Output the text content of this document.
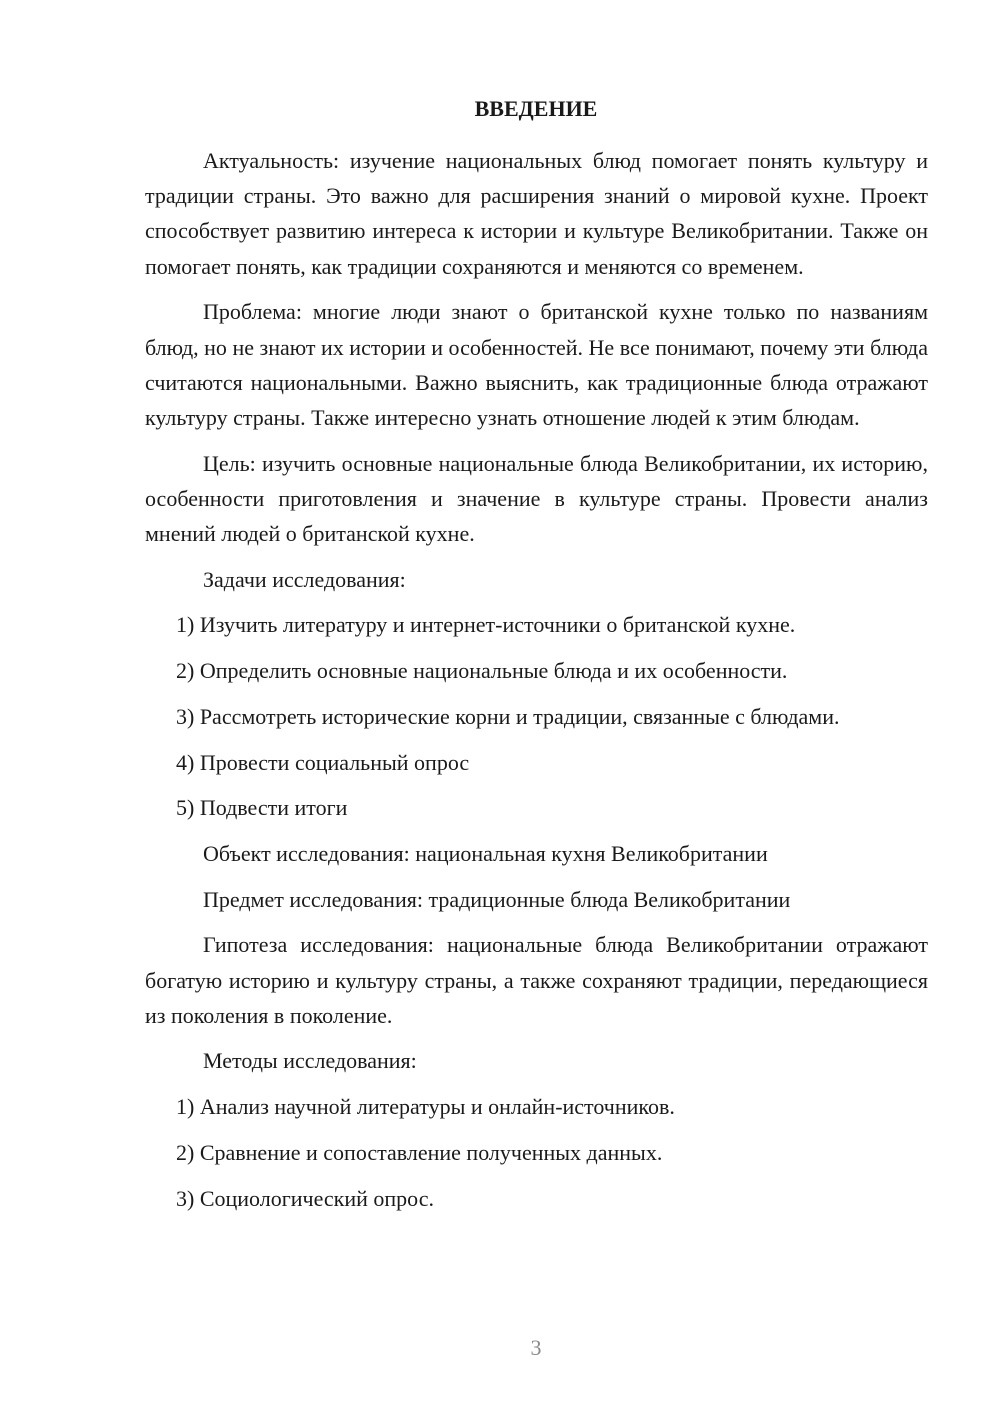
ВВЕДЕНИЕ

Актуальность: изучение национальных блюд помогает понять культуру и традиции страны. Это важно для расширения знаний о мировой кухне. Проект способствует развитию интереса к истории и культуре Великобритании. Также он помогает понять, как традиции сохраняются и меняются со временем.

Проблема: многие люди знают о британской кухне только по названиям блюд, но не знают их истории и особенностей. Не все понимают, почему эти блюда считаются национальными. Важно выяснить, как традиционные блюда отражают культуру страны. Также интересно узнать отношение людей к этим блюдам.

Цель: изучить основные национальные блюда Великобритании, их историю, особенности приготовления и значение в культуре страны. Провести анализ мнений людей о британской кухне.

Задачи исследования:

1) Изучить литературу и интернет-источники о британской кухне.

2) Определить основные национальные блюда и их особенности.

3) Рассмотреть исторические корни и традиции, связанные с блюдами.

4) Провести социальный опрос

5) Подвести итоги

Объект исследования: национальная кухня Великобритании

Предмет исследования: традиционные блюда Великобритании

Гипотеза исследования: национальные блюда Великобритании отражают богатую историю и культуру страны, а также сохраняют традиции, передающиеся из поколения в поколение.

Методы исследования:

1) Анализ научной литературы и онлайн-источников.

2) Сравнение и сопоставление полученных данных.

3) Социологический опрос.

3
